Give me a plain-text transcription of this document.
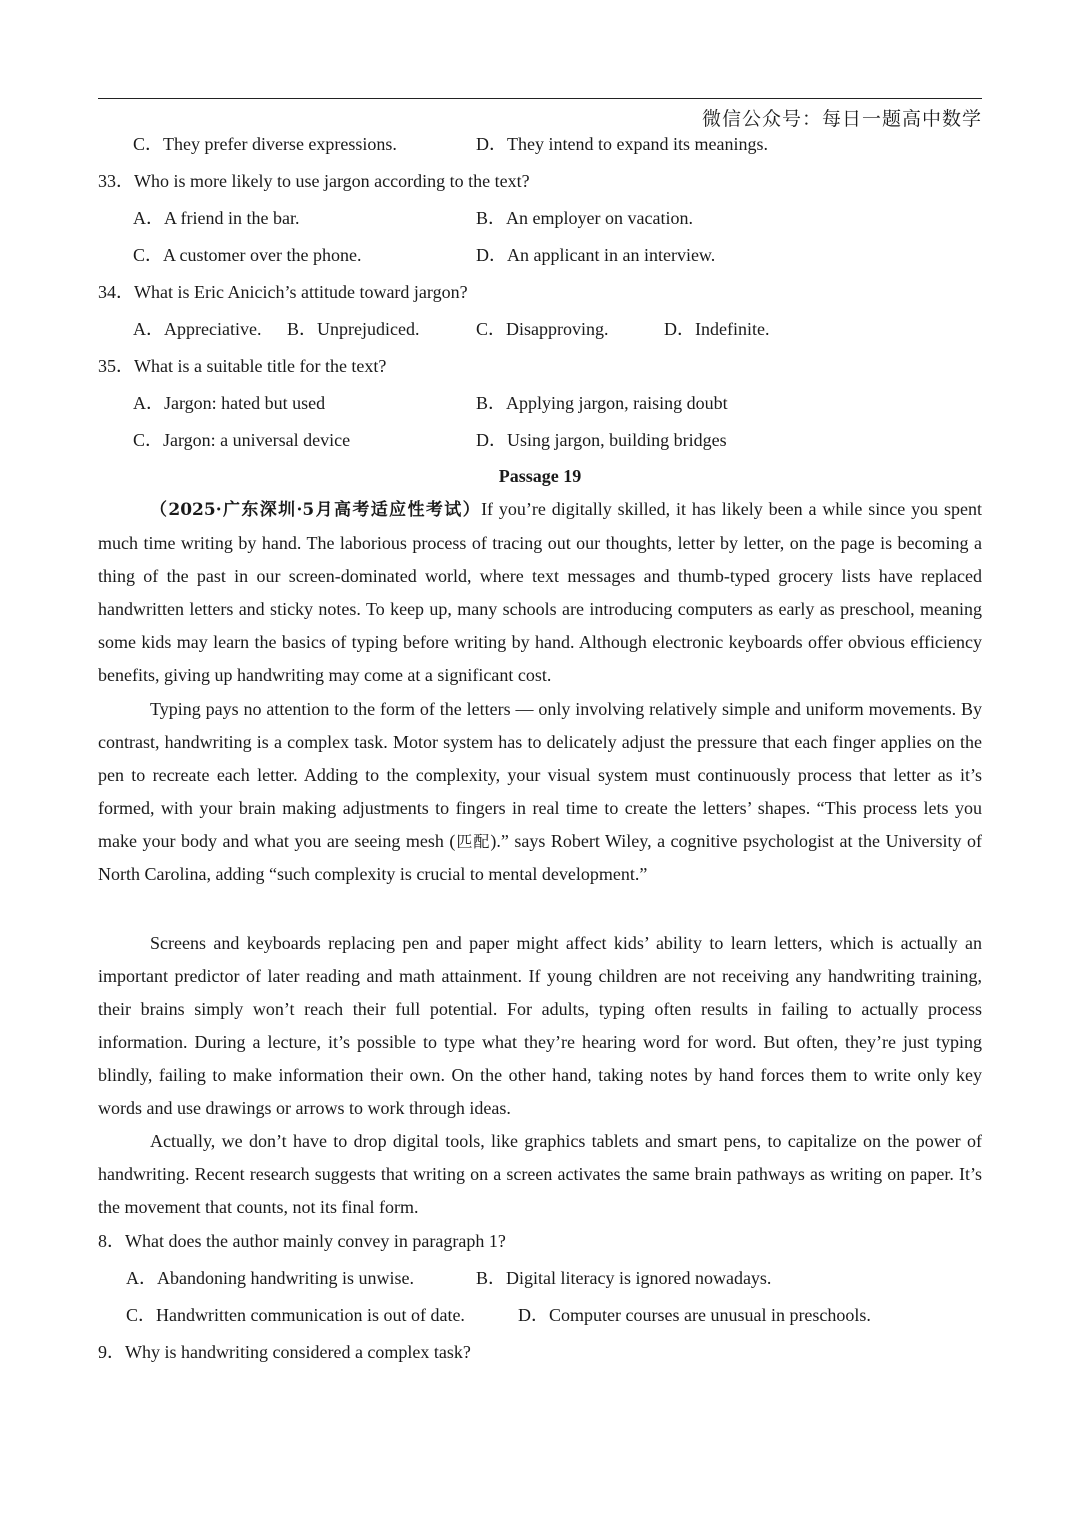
微信公众号：每日一题高中数学
C．They prefer diverse expressions.	D．They intend to expand its meanings.
33．Who is more likely to use jargon according to the text?
A．A friend in the bar.	B．An employer on vacation.
C．A customer over the phone.	D．An applicant in an interview.
34．What is Eric Anicich’s attitude toward jargon?
A．Appreciative. B．Unprejudiced.	C．Disapproving.	D．Indefinite.
35．What is a suitable title for the text?
A．Jargon: hated but used	B．Applying jargon, raising doubt
C．Jargon: a universal device	D．Using jargon, building bridges
Passage 19
（2025·广东深圳·5月高考适应性考试）If you’re digitally skilled, it has likely been a while since you spent much time writing by hand. The laborious process of tracing out our thoughts, letter by letter, on the page is becoming a thing of the past in our screen-dominated world, where text messages and thumb-typed grocery lists have replaced handwritten letters and sticky notes. To keep up, many schools are introducing computers as early as preschool, meaning some kids may learn the basics of typing before writing by hand. Although electronic keyboards offer obvious efficiency benefits, giving up handwriting may come at a significant cost.
Typing pays no attention to the form of the letters — only involving relatively simple and uniform movements. By contrast, handwriting is a complex task. Motor system has to delicately adjust the pressure that each finger applies on the pen to recreate each letter. Adding to the complexity, your visual system must continuously process that letter as it’s formed, with your brain making adjustments to fingers in real time to create the letters’ shapes. “This process lets you make your body and what you are seeing mesh (匹配).” says Robert Wiley, a cognitive psychologist at the University of North Carolina, adding “such complexity is crucial to mental development.”
Screens and keyboards replacing pen and paper might affect kids’ ability to learn letters, which is actually an important predictor of later reading and math attainment. If young children are not receiving any handwriting training, their brains simply won’t reach their full potential. For adults, typing often results in failing to actually process information. During a lecture, it’s possible to type what they’re hearing word for word. But often, they’re just typing blindly, failing to make information their own. On the other hand, taking notes by hand forces them to write only key words and use drawings or arrows to work through ideas.
Actually, we don’t have to drop digital tools, like graphics tablets and smart pens, to capitalize on the power of handwriting. Recent research suggests that writing on a screen activates the same brain pathways as writing on paper. It’s the movement that counts, not its final form.
8．What does the author mainly convey in paragraph 1?
A．Abandoning handwriting is unwise.	B．Digital literacy is ignored nowadays.
C．Handwritten communication is out of date.	D．Computer courses are unusual in preschools.
9．Why is handwriting considered a complex task?
